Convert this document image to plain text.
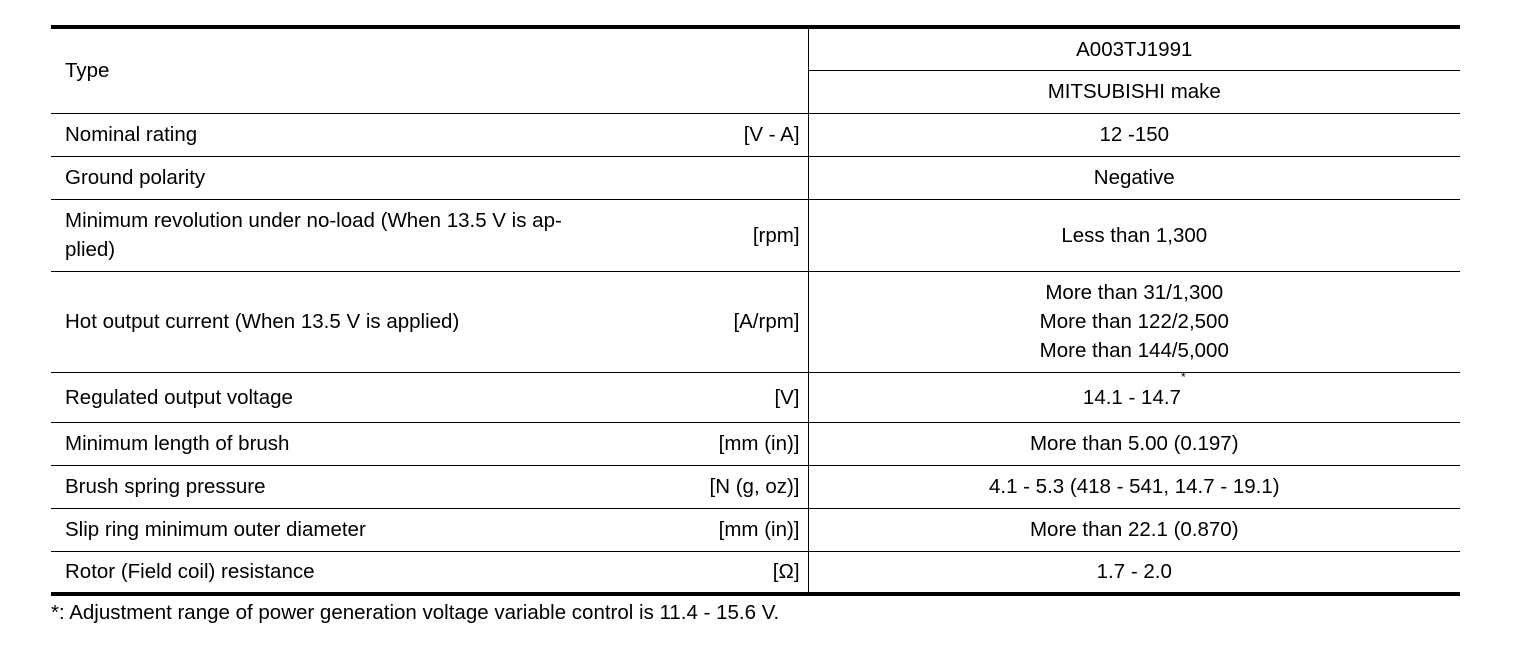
Type		A003TJ1991
		MITSUBISHI make
Nominal rating	[V - A]	12 -150
Ground polarity		Negative

Minimum revolution under no-load (When 13.5 V is ap-
plied)	[rpm]	Less than 1,300
Hot output current (When 13.5 V is applied)	[A/rpm]	More than 31/1,300
More than 122/2,500
More than 144/5,000

Regulated output voltage	[V]	14.1 - 14.7*
Minimum length of brush	[mm (in)]	More than 5.00 (0.197)
Brush spring pressure	[N (g, oz)]	4.1 - 5.3 (418 - 541, 14.7 - 19.1)
Slip ring minimum outer diameter	[mm (in)]	More than 22.1 (0.870)
Rotor (Field coil) resistance	[Ω]	1.7 - 2.0
*: Adjustment range of power generation voltage variable control is 11.4 - 15.6 V.
